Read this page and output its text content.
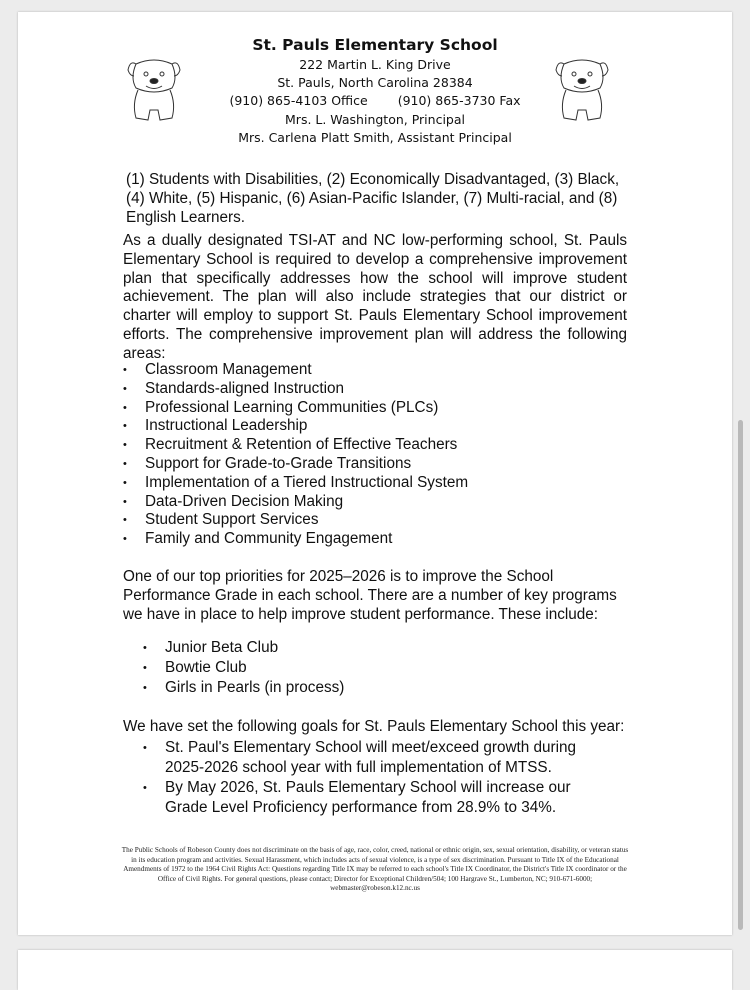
St. Pauls Elementary School
222 Martin L. King Drive
St. Pauls, North Carolina 28384
(910) 865-4103 Office (910) 865-3730 Fax
Mrs. L. Washington, Principal
Mrs. Carlena Platt Smith, Assistant Principal
(1) Students with Disabilities, (2) Economically Disadvantaged, (3) Black, (4) White, (5) Hispanic, (6) Asian-Pacific Islander, (7) Multi-racial, and (8) English Learners.
As a dually designated TSI-AT and NC low-performing school, St. Pauls Elementary School is required to develop a comprehensive improvement plan that specifically addresses how the school will improve student achievement. The plan will also include strategies that our district or charter will employ to support St. Pauls Elementary School improvement efforts. The comprehensive improvement plan will address the following areas:
• Classroom Management
• Standards-aligned Instruction
• Professional Learning Communities (PLCs)
• Instructional Leadership
• Recruitment & Retention of Effective Teachers
• Support for Grade-to-Grade Transitions
• Implementation of a Tiered Instructional System
• Data-Driven Decision Making
• Student Support Services
• Family and Community Engagement
One of our top priorities for 2025–2026 is to improve the School Performance Grade in each school. There are a number of key programs we have in place to help improve student performance. These include:
• Junior Beta Club
• Bowtie Club
• Girls in Pearls (in process)
We have set the following goals for St. Pauls Elementary School this year:
• St. Paul's Elementary School will meet/exceed growth during 2025-2026 school year with full implementation of MTSS.
• By May 2026, St. Pauls Elementary School will increase our Grade Level Proficiency performance from 28.9% to 34%.
The Public Schools of Robeson County does not discriminate on the basis of age, race, color, creed, national or ethnic origin, sex, sexual orientation, disability, or veteran status in its education program and activities. Sexual Harassment, which includes acts of sexual violence, is a type of sex discrimination. Pursuant to Title IX of the Educational Amendments of 1972 to the 1964 Civil Rights Act: Questions regarding Title IX may be referred to each school's Title IX Coordinator, the District's Title IX coordinator or the Office of Civil Rights. For general questions, please contact; Director for Exceptional Children/504; 100 Hargrave St., Lumberton, NC; 910-671-6000; webmaster@robeson.k12.nc.us
